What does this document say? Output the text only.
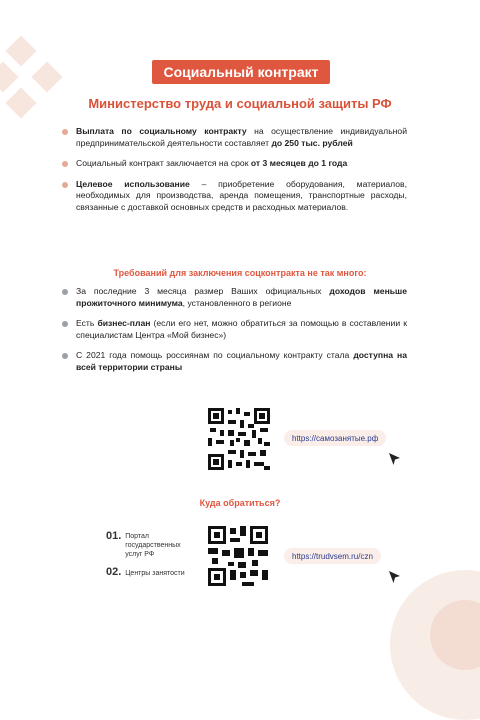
Социальный контракт
Министерство труда и социальной защиты РФ
Выплата по социальному контракту на осуществление индивидуальной предпринимательской деятельности составляет до 250 тыс. рублей
Социальный контракт заключается на срок от 3 месяцев до 1 года
Целевое использование – приобретение оборудования, материалов, необходимых для производства, аренда помещения, транспортные расходы, связанные с доставкой основных средств и расходных материалов.
Требований для заключения соцконтракта не так много:
За последние 3 месяца размер Ваших официальных доходов меньше прожиточного минимума, установленного в регионе
Есть бизнес-план (если его нет, можно обратиться за помощью в составлении к специалистам Центра «Мой бизнес»)
С 2021 года помощь россиянам по социальному контракту стала доступна на всей территории страны
https://самозанятые.рф
Куда обратиться?
01. Портал государственных услуг РФ
02. Центры занятости
https://trudvsem.ru/czn
